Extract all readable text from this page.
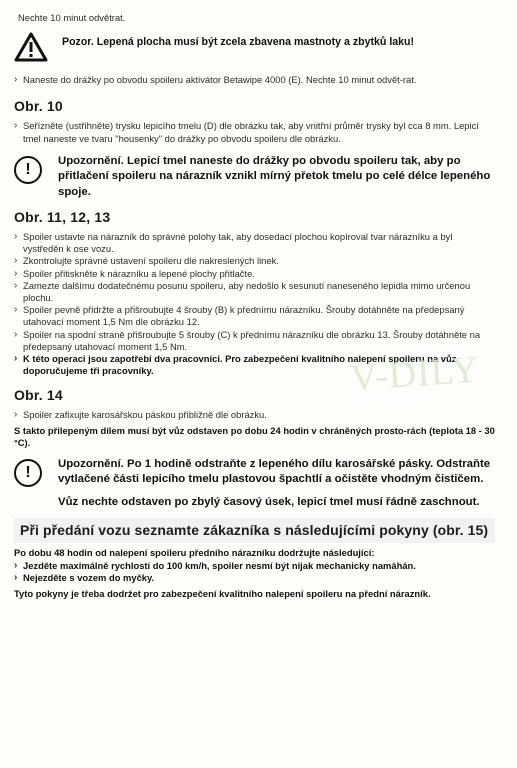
Nechte 10 minut odvětrat.
Pozor. Lepená plocha musí být zcela zbavena mastnoty a zbytků laku!
› Naneste do drážky po obvodu spoileru aktivátor Betawipe 4000 (E). Nechte 10 minut odvět-rat.
Obr. 10
› Seřízněte (ustřihněte) trysku lepicího tmelu (D) dle obrázku tak, aby vnitřní průměr trysky byl cca 8 mm. Lepicí tmel naneste ve tvaru "housenky" do drážky po obvodu spoileru dle obrázku.
!	Upozornění. Lepicí tmel naneste do drážky po obvodu spoileru tak, aby po přitlačení spoileru na nárazník vznikl mírný přetok tmelu po celé délce lepeného spoje.
Obr. 11, 12, 13
› Spoiler ustavte na nárazník do správné polohy tak, aby dosedací plochou kopíroval tvar nárazníku a byl vystředěn k ose vozu.
› Zkontrolujte správné ustavení spoileru dle nakreslených linek.
› Spoiler přitiskněte k nárazníku a lepené plochy přitlačte.
› Zamezte dalšímu dodatečnému posunu spoileru, aby nedošlo k sesunutí naneseného lepidla mimo určenou plochu.
› Spoiler pevně přidržte a přišroubujte 4 šrouby (B) k přednímu nárazníku. Šrouby dotáhněte na předepsaný utahovací moment 1,5 Nm dle obrázku 12.
› Spoiler na spodní straně přišroubujte 5 šrouby (C) k přednímu nárazníku dle obrázku 13. Šrouby dotáhněte na předepsaný utahovací moment 1,5 Nm.
› K této operaci jsou zapotřebí dva pracovníci. Pro zabezpečení kvalitního nalepení spoileru na vůz doporučujeme tři pracovníky.
Obr. 14
› Spoiler zafixujte karosářskou páskou přibližně dle obrázku.
S takto přilepeným dílem musí být vůz odstaven po dobu 24 hodin v chráněných prosto-rách (teplota 18 - 30 °C).
!	Upozornění. Po 1 hodině odstraňte z lepeného dílu karosářské pásky. Odstraňte vytlačené části lepicího tmelu plastovou špachtlí a očistěte vhodným čističem.
Vůz nechte odstaven po zbylý časový úsek, lepicí tmel musí řádně zaschnout.
Při předání vozu seznamte zákazníka s následujícími pokyny (obr. 15)
Po dobu 48 hodin od nalepení spoileru předního nárazníku dodržujte následující:
› Jezděte maximálně rychlostí do 100 km/h, spoiler nesmí být nijak mechanicky namáhán.
› Nejezděte s vozem do myčky.
Tyto pokyny je třeba dodržet pro zabezpečení kvalitního nalepení spoileru na přední nárazník.
V-DILY
